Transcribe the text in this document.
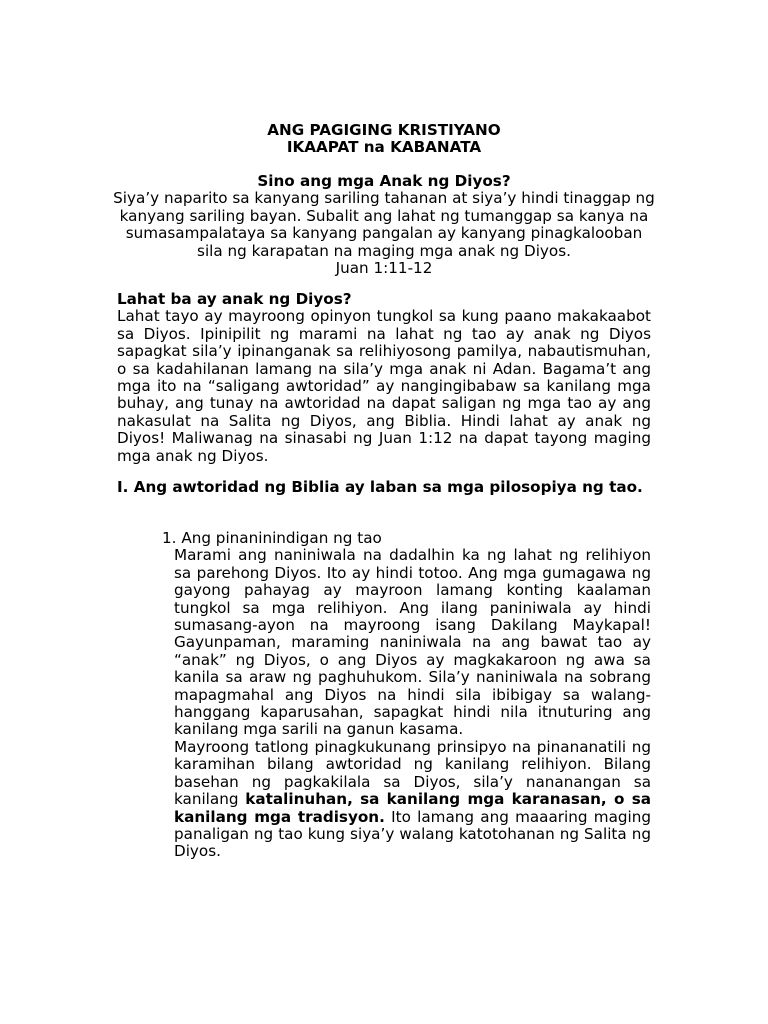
ANG PAGIGING KRISTIYANO

IKAAPAT na KABANATA

Sino ang mga Anak ng Diyos?

Siya’y naparito sa kanyang sariling tahanan at siya’y hindi tinaggap ng kanyang sariling bayan. Subalit ang lahat ng tumanggap sa kanya na sumasampalataya sa kanyang pangalan ay kanyang pinagkalooban sila ng karapatan na maging mga anak ng Diyos.

Juan 1:11-12

Lahat ba ay anak ng Diyos?

Lahat tayo ay mayroong opinyon tungkol sa kung paano makakaabot sa Diyos. Ipinipilit ng marami na lahat ng tao ay anak ng Diyos sapagkat sila’y ipinanganak sa relihiyosong pamilya, nabautismuhan, o sa kadahilanan lamang na sila’y mga anak ni Adan. Bagama’t ang mga ito na “saligang awtoridad” ay nangingibabaw sa kanilang mga buhay, ang tunay na awtoridad na dapat saligan ng mga tao ay ang nakasulat na Salita ng Diyos, ang Biblia. Hindi lahat ay anak ng Diyos! Maliwanag na sinasabi ng Juan 1:12 na dapat tayong maging mga anak ng Diyos.

I. Ang awtoridad ng Biblia ay laban sa mga pilosopiya ng tao.

1. Ang pinaninindigan ng tao

Marami ang naniniwala na dadalhin ka ng lahat ng relihiyon sa parehong Diyos. Ito ay hindi totoo. Ang mga gumagawa ng gayong pahayag ay mayroon lamang konting kaalaman tungkol sa mga relihiyon. Ang ilang paniniwala ay hindi sumasang-ayon na mayroong isang Dakilang Maykapal! Gayunpaman, maraming naniniwala na ang bawat tao ay “anak” ng Diyos, o ang Diyos ay magkakaroon ng awa sa kanila sa araw ng paghuhukom. Sila’y naniniwala na sobrang mapagmahal ang Diyos na hindi sila ibibigay sa walang-hanggang kaparusahan, sapagkat hindi nila itnuturing ang kanilang mga sarili na ganun kasama.

Mayroong tatlong pinagkukunang prinsipyo na pinananatili ng karamihan bilang awtoridad ng kanilang relihiyon. Bilang basehan ng pagkakilala sa Diyos, sila’y nananangan sa kanilang katalinuhan, sa kanilang mga karanasan, o sa kanilang mga tradisyon. Ito lamang ang maaaring maging panaligan ng tao kung siya’y walang katotohanan ng Salita ng Diyos.
